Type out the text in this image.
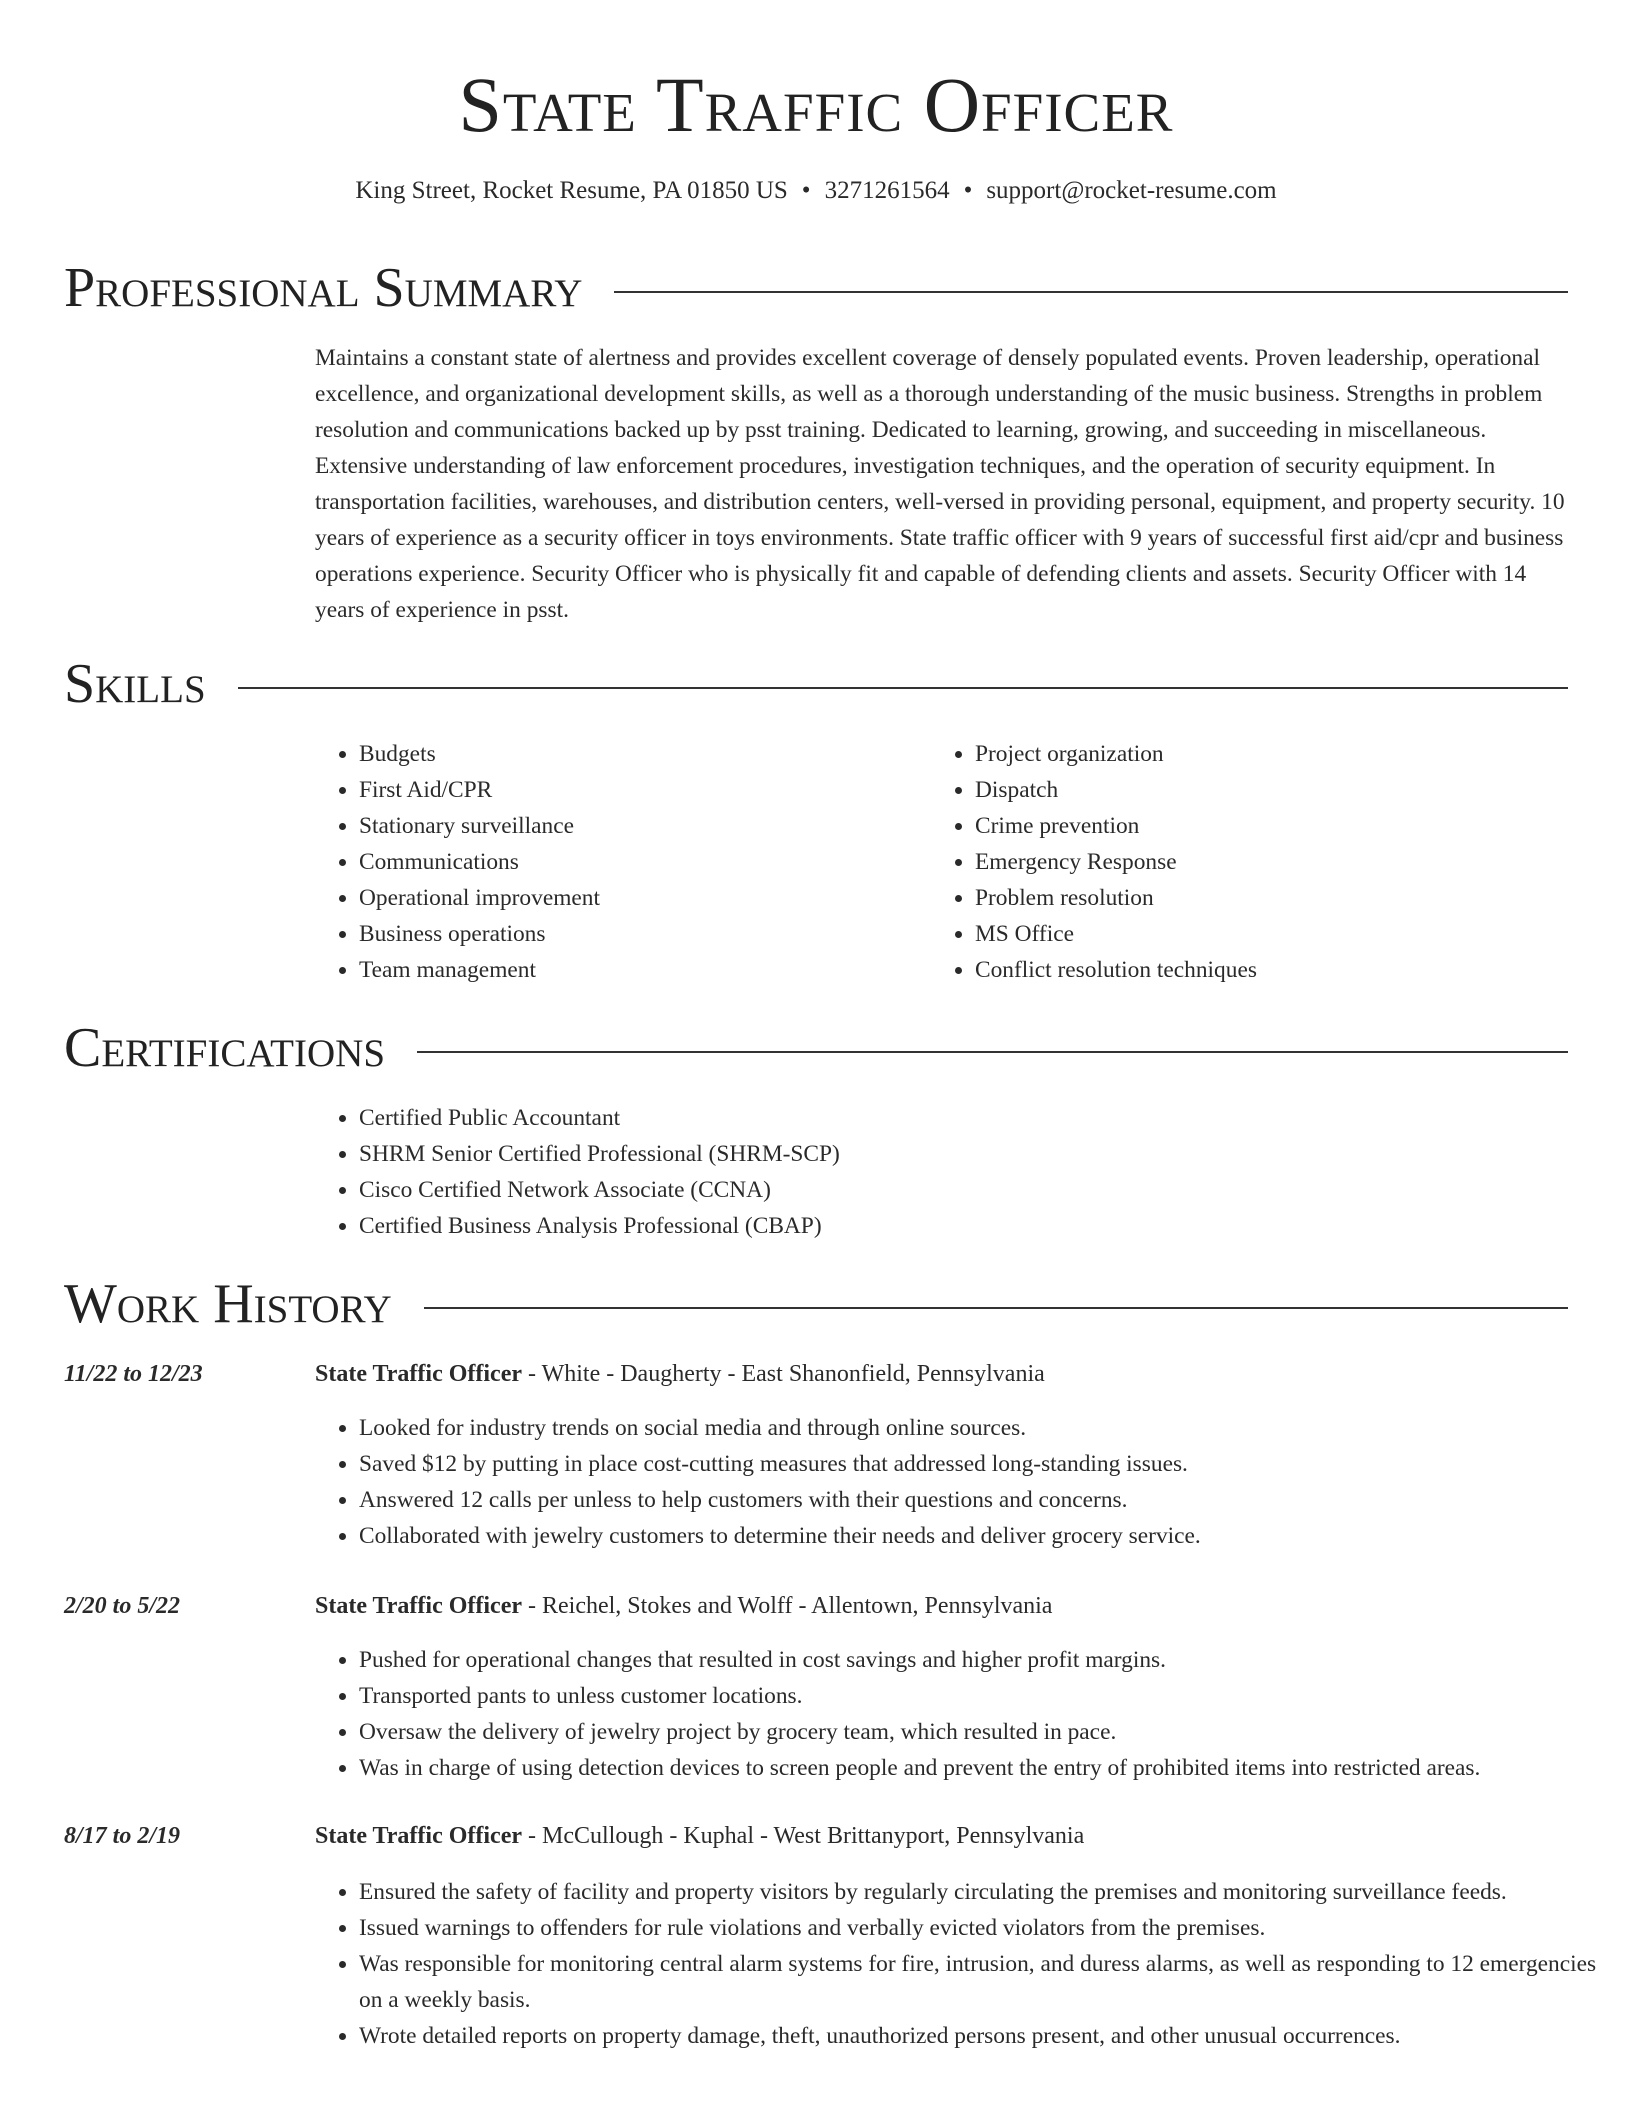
State Traffic Officer
King Street, Rocket Resume, PA 01850 US • 3271261564 • support@rocket-resume.com
Professional Summary

Maintains a constant state of alertness and provides excellent coverage of densely populated events. Proven leadership, operational excellence, and organizational development skills, as well as a thorough understanding of the music business. Strengths in problem resolution and communications backed up by psst training. Dedicated to learning, growing, and succeeding in miscellaneous. Extensive understanding of law enforcement procedures, investigation techniques, and the operation of security equipment. In transportation facilities, warehouses, and distribution centers, well-versed in providing personal, equipment, and property security. 10 years of experience as a security officer in toys environments. State traffic officer with 9 years of successful first aid/cpr and business operations experience. Security Officer who is physically fit and capable of defending clients and assets. Security Officer with 14 years of experience in psst.

Skills
• Budgets
• First Aid/CPR
• Stationary surveillance
• Communications
• Operational improvement
• Business operations
• Team management
• Project organization
• Dispatch
• Crime prevention
• Emergency Response
• Problem resolution
• MS Office
• Conflict resolution techniques
Certifications
• Certified Public Accountant
• SHRM Senior Certified Professional (SHRM-SCP)
• Cisco Certified Network Associate (CCNA)
• Certified Business Analysis Professional (CBAP)
Work History
11/22 to 12/23	State Traffic Officer - White - Daugherty - East Shanonfield, Pennsylvania
• Looked for industry trends on social media and through online sources.
• Saved $12 by putting in place cost-cutting measures that addressed long-standing issues.
• Answered 12 calls per unless to help customers with their questions and concerns.
• Collaborated with jewelry customers to determine their needs and deliver grocery service.
2/20 to 5/22	State Traffic Officer - Reichel, Stokes and Wolff - Allentown, Pennsylvania
• Pushed for operational changes that resulted in cost savings and higher profit margins.
• Transported pants to unless customer locations.
• Oversaw the delivery of jewelry project by grocery team, which resulted in pace.
• Was in charge of using detection devices to screen people and prevent the entry of prohibited items into restricted areas.
8/17 to 2/19	State Traffic Officer - McCullough - Kuphal - West Brittanyport, Pennsylvania
• Ensured the safety of facility and property visitors by regularly circulating the premises and monitoring surveillance feeds.
• Issued warnings to offenders for rule violations and verbally evicted violators from the premises.
• Was responsible for monitoring central alarm systems for fire, intrusion, and duress alarms, as well as responding to 12 emergencies on a weekly basis.
• Wrote detailed reports on property damage, theft, unauthorized persons present, and other unusual occurrences.
